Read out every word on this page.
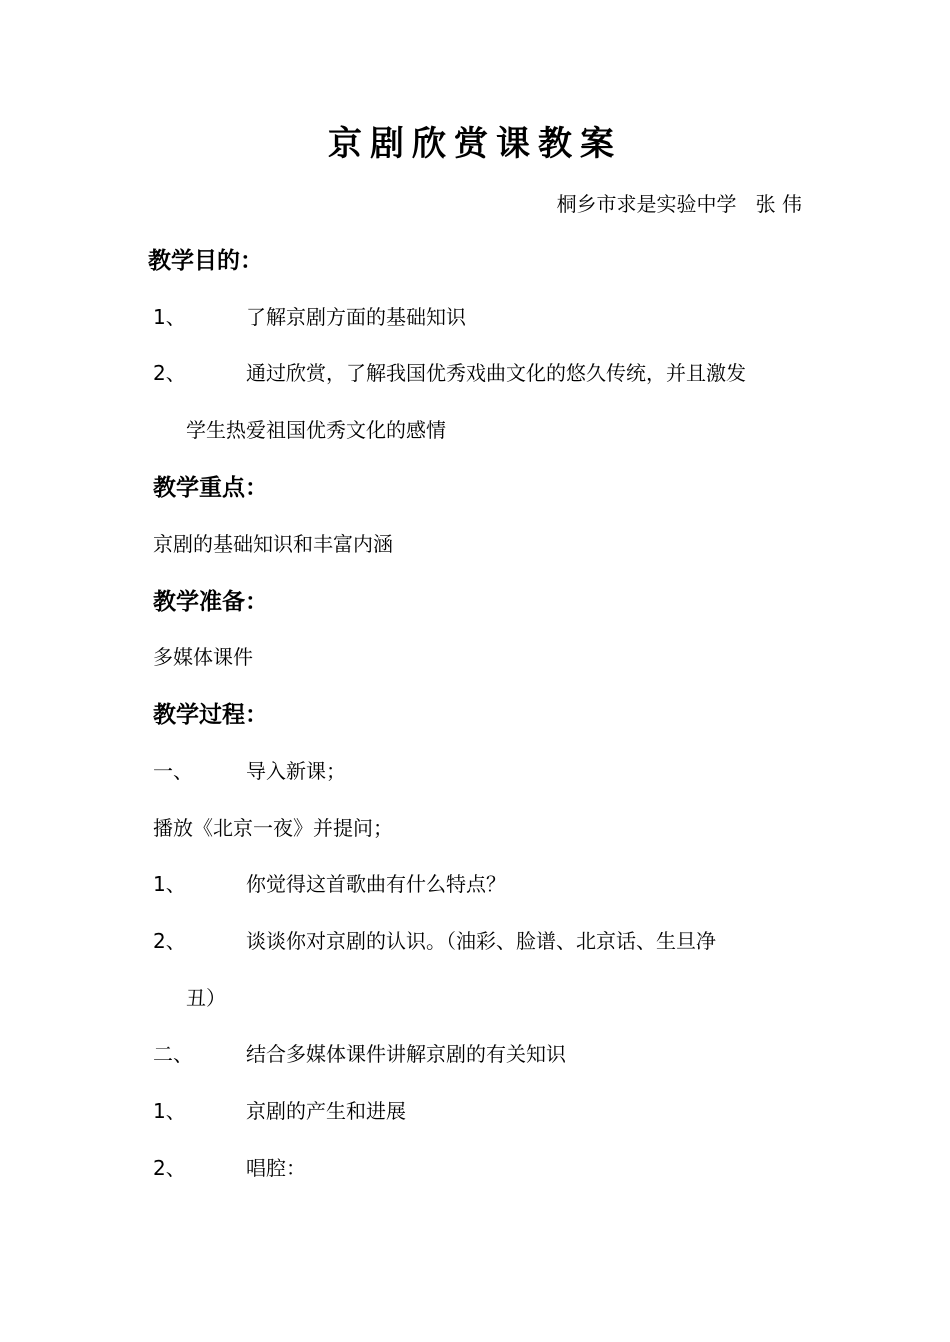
京剧欣赏课教案
桐乡市求是实验中学   张 伟
教学目的：
1、	了解京剧方面的基础知识
2、	通过欣赏，了解我国优秀戏曲文化的悠久传统，并且激发
学生热爱祖国优秀文化的感情
教学重点：
京剧的基础知识和丰富内涵
教学准备：
多媒体课件
教学过程：
一、	导入新课；
播放《北京一夜》并提问；
1、	你觉得这首歌曲有什么特点？
2、	谈谈你对京剧的认识。（油彩、脸谱、北京话、生旦净
丑）
二、	结合多媒体课件讲解京剧的有关知识
1、	京剧的产生和进展
2、	唱腔：
